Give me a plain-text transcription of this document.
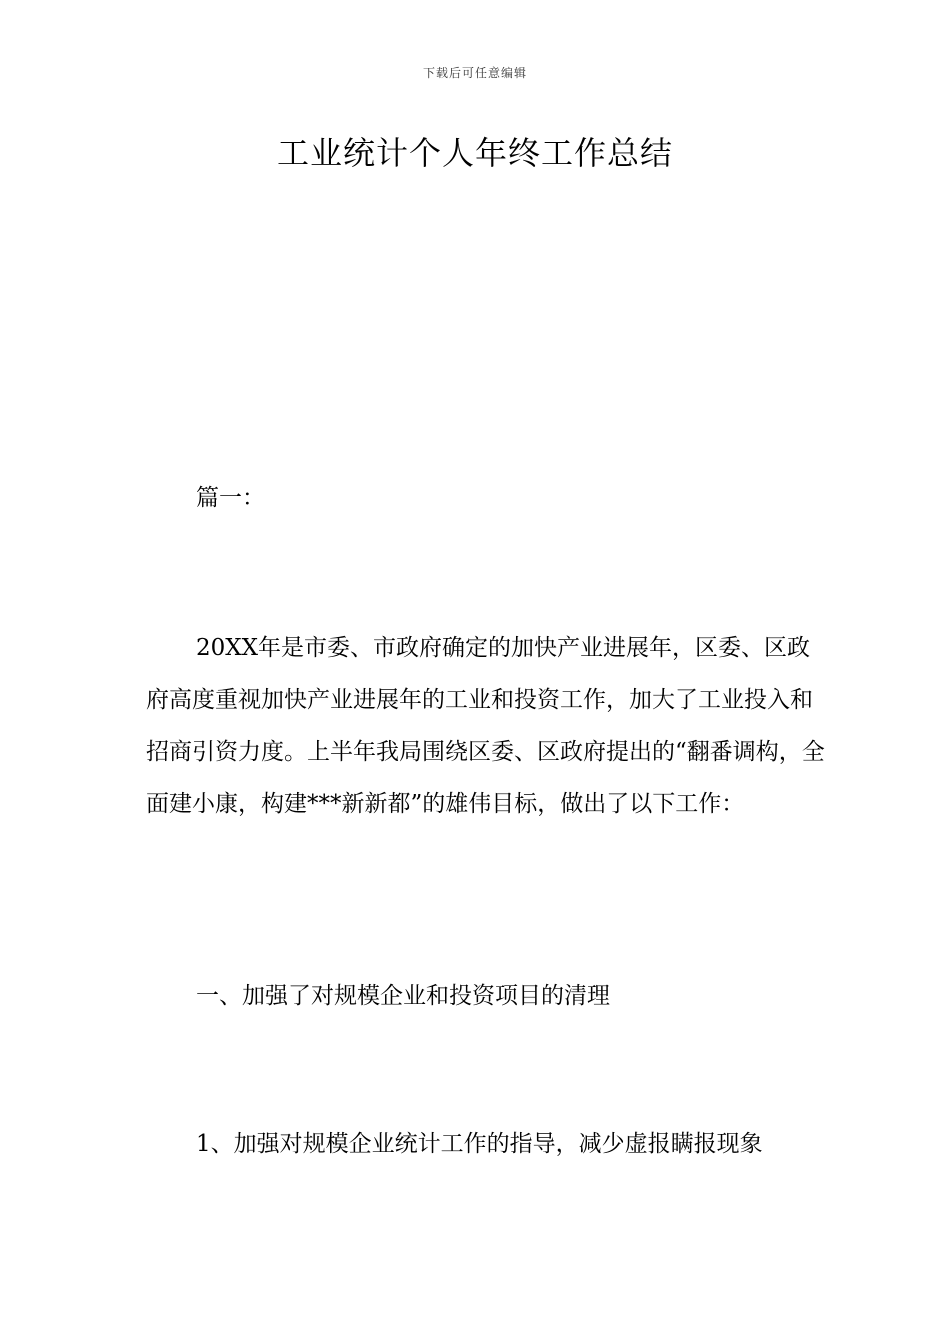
下载后可任意编辑
工业统计个人年终工作总结

篇一：

20XX年是市委、市政府确定的加快产业进展年，区委、区政府高度重视加快产业进展年的工业和投资工作，加大了工业投入和招商引资力度。上半年我局围绕区委、区政府提出的“翻番调构，全面建小康，构建***新新都”的雄伟目标，做出了以下工作：

一、加强了对规模企业和投资项目的清理

1、加强对规模企业统计工作的指导，减少虚报瞒报现象
